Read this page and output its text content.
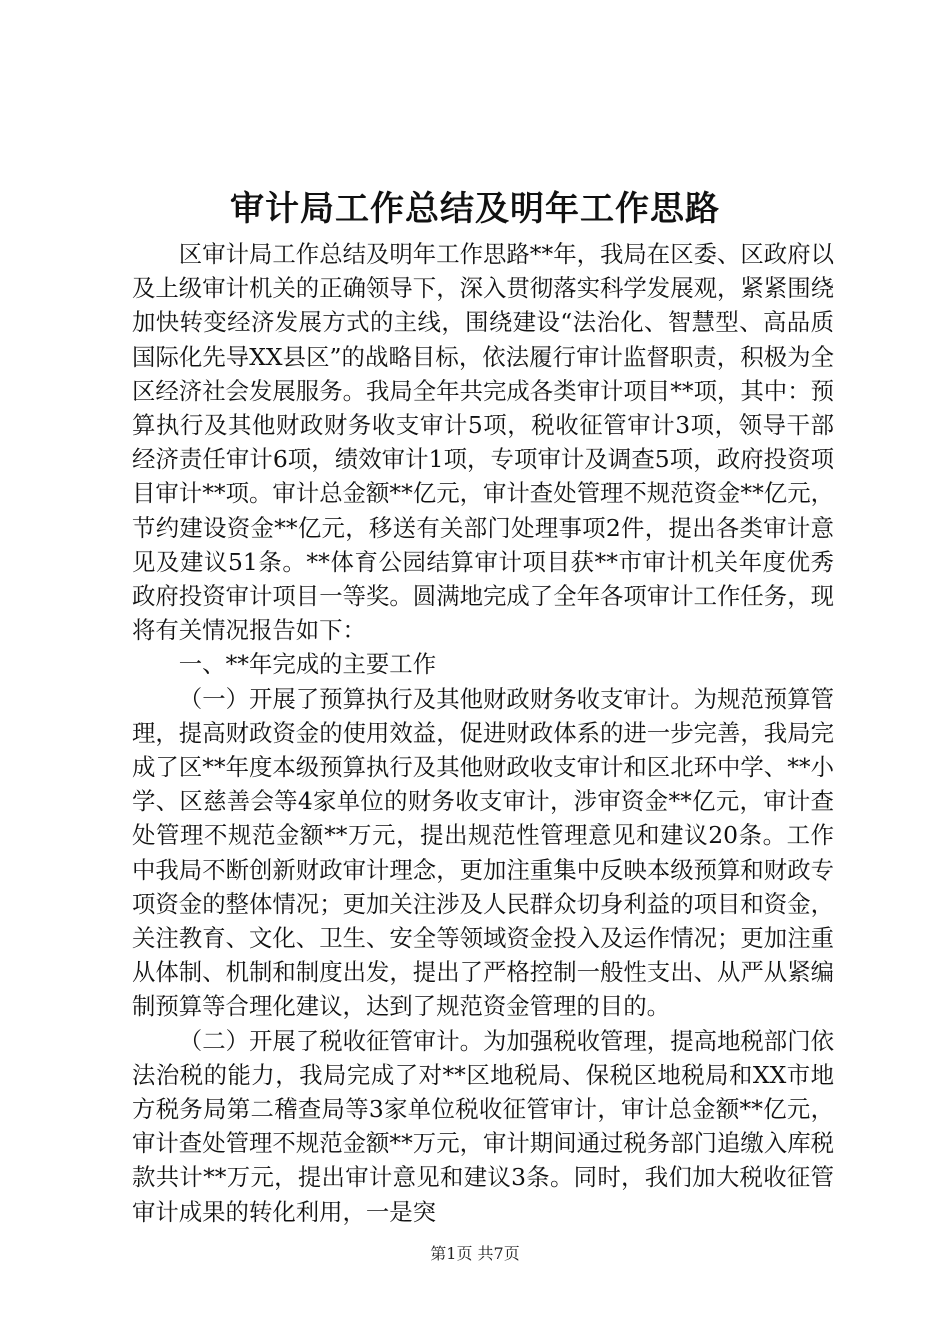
审计局工作总结及明年工作思路

区审计局工作总结及明年工作思路**年，我局在区委、区政府以及上级审计机关的正确领导下，深入贯彻落实科学发展观，紧紧围绕加快转变经济发展方式的主线，围绕建设“法治化、智慧型、高品质国际化先导XX县区”的战略目标，依法履行审计监督职责，积极为全区经济社会发展服务。我局全年共完成各类审计项目**项，其中：预算执行及其他财政财务收支审计5项，税收征管审计3项，领导干部经济责任审计6项，绩效审计1项，专项审计及调查5项，政府投资项目审计**项。审计总金额**亿元，审计查处管理不规范资金**亿元，节约建设资金**亿元，移送有关部门处理事项2件，提出各类审计意见及建议51条。**体育公园结算审计项目获**市审计机关年度优秀政府投资审计项目一等奖。圆满地完成了全年各项审计工作任务，现将有关情况报告如下：

一、**年完成的主要工作

（一）开展了预算执行及其他财政财务收支审计。为规范预算管理，提高财政资金的使用效益，促进财政体系的进一步完善，我局完成了区**年度本级预算执行及其他财政收支审计和区北环中学、**小学、区慈善会等4家单位的财务收支审计，涉审资金**亿元，审计查处管理不规范金额**万元，提出规范性管理意见和建议20条。工作中我局不断创新财政审计理念，更加注重集中反映本级预算和财政专项资金的整体情况；更加关注涉及人民群众切身利益的项目和资金，关注教育、文化、卫生、安全等领域资金投入及运作情况；更加注重从体制、机制和制度出发，提出了严格控制一般性支出、从严从紧编制预算等合理化建议，达到了规范资金管理的目的。

（二）开展了税收征管审计。为加强税收管理，提高地税部门依法治税的能力，我局完成了对**区地税局、保税区地税局和XX市地方税务局第二稽查局等3家单位税收征管审计，审计总金额**亿元，审计查处管理不规范金额**万元，审计期间通过税务部门追缴入库税款共计**万元，提出审计意见和建议3条。同时，我们加大税收征管审计成果的转化利用，一是突

第1页 共7页
